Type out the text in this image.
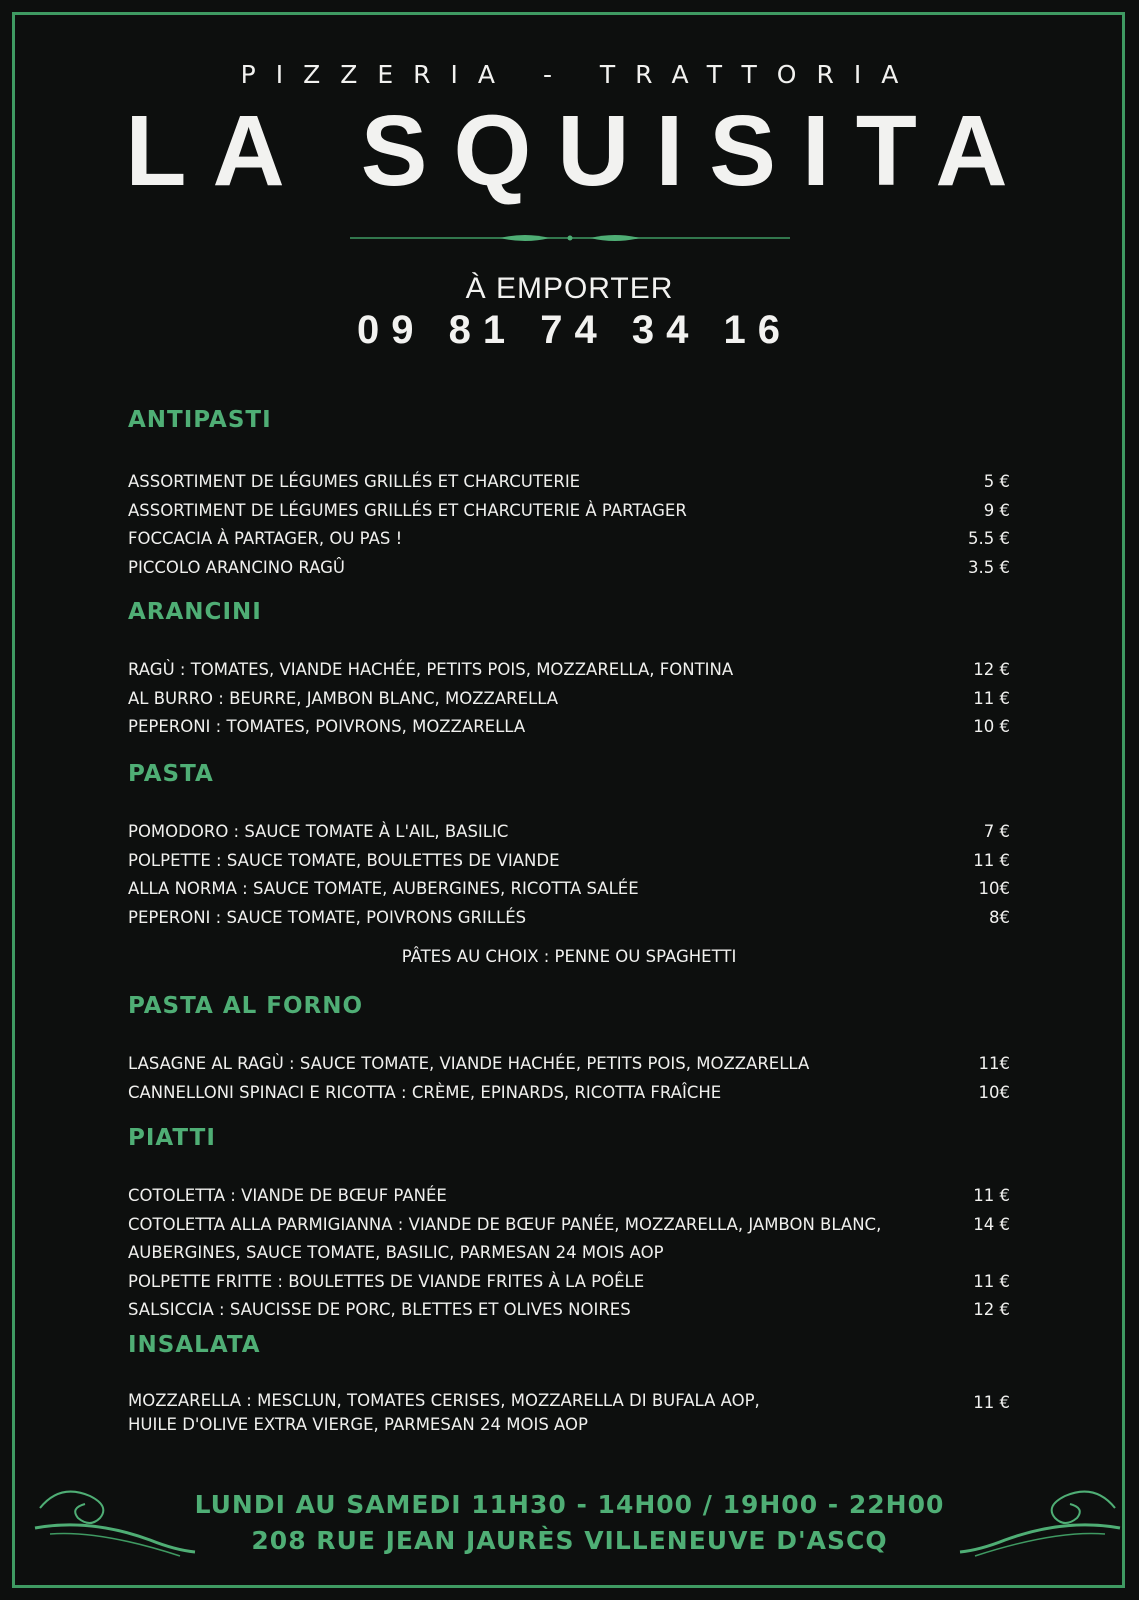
PIZZERIA - TRATTORIA
LA SQUISITA
À EMPORTER
09 81 74 34 16
ANTIPASTI
ASSORTIMENT DE LÉGUMES GRILLÉS ET CHARCUTERIE	5 €
ASSORTIMENT DE LÉGUMES GRILLÉS ET CHARCUTERIE À PARTAGER	9 €
FOCCACIA À PARTAGER, OU PAS !	5.5 €
PICCOLO ARANCINO RAGÛ	3.5 €
ARANCINI
RAGÙ : TOMATES, VIANDE HACHÉE, PETITS POIS, MOZZARELLA, FONTINA	12 €
AL BURRO : BEURRE, JAMBON BLANC, MOZZARELLA	11 €
PEPERONI : TOMATES, POIVRONS, MOZZARELLA	10 €
PASTA
POMODORO : SAUCE TOMATE À L'AIL, BASILIC	7 €
POLPETTE : SAUCE TOMATE, BOULETTES DE VIANDE	11 €
ALLA NORMA : SAUCE TOMATE, AUBERGINES, RICOTTA SALÉE	10€
PEPERONI : SAUCE TOMATE, POIVRONS GRILLÉS	8€
PÂTES AU CHOIX : PENNE OU SPAGHETTI
PASTA AL FORNO
LASAGNE AL RAGÙ : SAUCE TOMATE, VIANDE HACHÉE, PETITS POIS, MOZZARELLA	11€
CANNELLONI SPINACI E RICOTTA : CRÈME, EPINARDS, RICOTTA FRAÎCHE	10€
PIATTI
COTOLETTA : VIANDE DE BŒUF PANÉE	11 €
COTOLETTA ALLA PARMIGIANNA : VIANDE DE BŒUF PANÉE, MOZZARELLA, JAMBON BLANC, AUBERGINES, SAUCE TOMATE, BASILIC, PARMESAN 24 MOIS AOP
14 €
POLPETTE FRITTE : BOULETTES DE VIANDE FRITES À LA POÊLE	11 €
SALSICCIA : SAUCISSE DE PORC, BLETTES ET OLIVES NOIRES	12 €
INSALATA
MOZZARELLA : MESCLUN, TOMATES CERISES, MOZZARELLA DI BUFALA AOP, HUILE D'OLIVE EXTRA VIERGE, PARMESAN 24 MOIS AOP
11 €
LUNDI AU SAMEDI 11H30 - 14H00 / 19H00 - 22H00
208 RUE JEAN JAURÈS VILLENEUVE D'ASCQ
